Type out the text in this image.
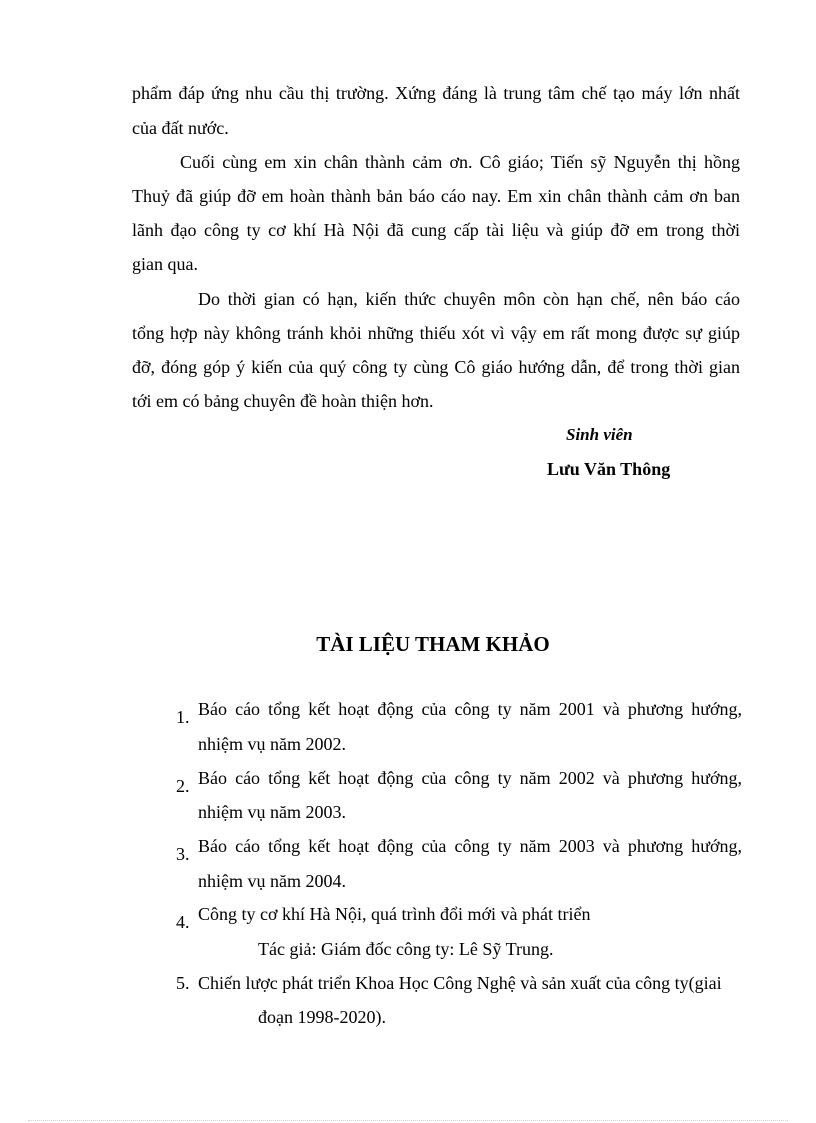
phẩm đáp ứng nhu cầu thị trường. Xứng đáng là trung tâm chế tạo máy lớn nhất
của đất nước.
Cuối cùng em xin chân thành cảm ơn. Cô giáo; Tiến sỹ Nguyễn thị hồng
Thuỷ đã giúp đỡ em hoàn thành bản báo cáo nay. Em xin chân thành cảm ơn ban
lãnh đạo công ty cơ khí Hà Nội đã cung cấp tài liệu và giúp đỡ em trong thời
gian qua.
Do thời gian có hạn, kiến thức chuyên môn còn hạn chế, nên báo cáo
tổng hợp này không tránh khỏi những thiếu xót vì vậy em rất mong được sự giúp
đỡ, đóng góp ý kiến của quý công ty cùng Cô giáo hướng dẫn, để trong thời gian
tới em có bảng chuyên đề hoàn thiện hơn.
Sinh viên
Lưu Văn Thông
TÀI LIỆU THAM KHẢO
1. Báo cáo tổng kết hoạt động của công ty năm 2001 và phương hướng,
nhiệm vụ năm 2002.
2. Báo cáo tổng kết hoạt động của công ty năm 2002 và phương hướng,
nhiệm vụ năm 2003.
3. Báo cáo tổng kết hoạt động của công ty năm 2003 và phương hướng,
nhiệm vụ năm 2004.
4. Công ty cơ khí Hà Nội, quá trình đổi mới và phát triển
Tác giả: Giám đốc công ty: Lê Sỹ Trung.
5. Chiến lược phát triển Khoa Học Công Nghệ và sản xuất của công ty(giai
đoạn 1998-2020).
